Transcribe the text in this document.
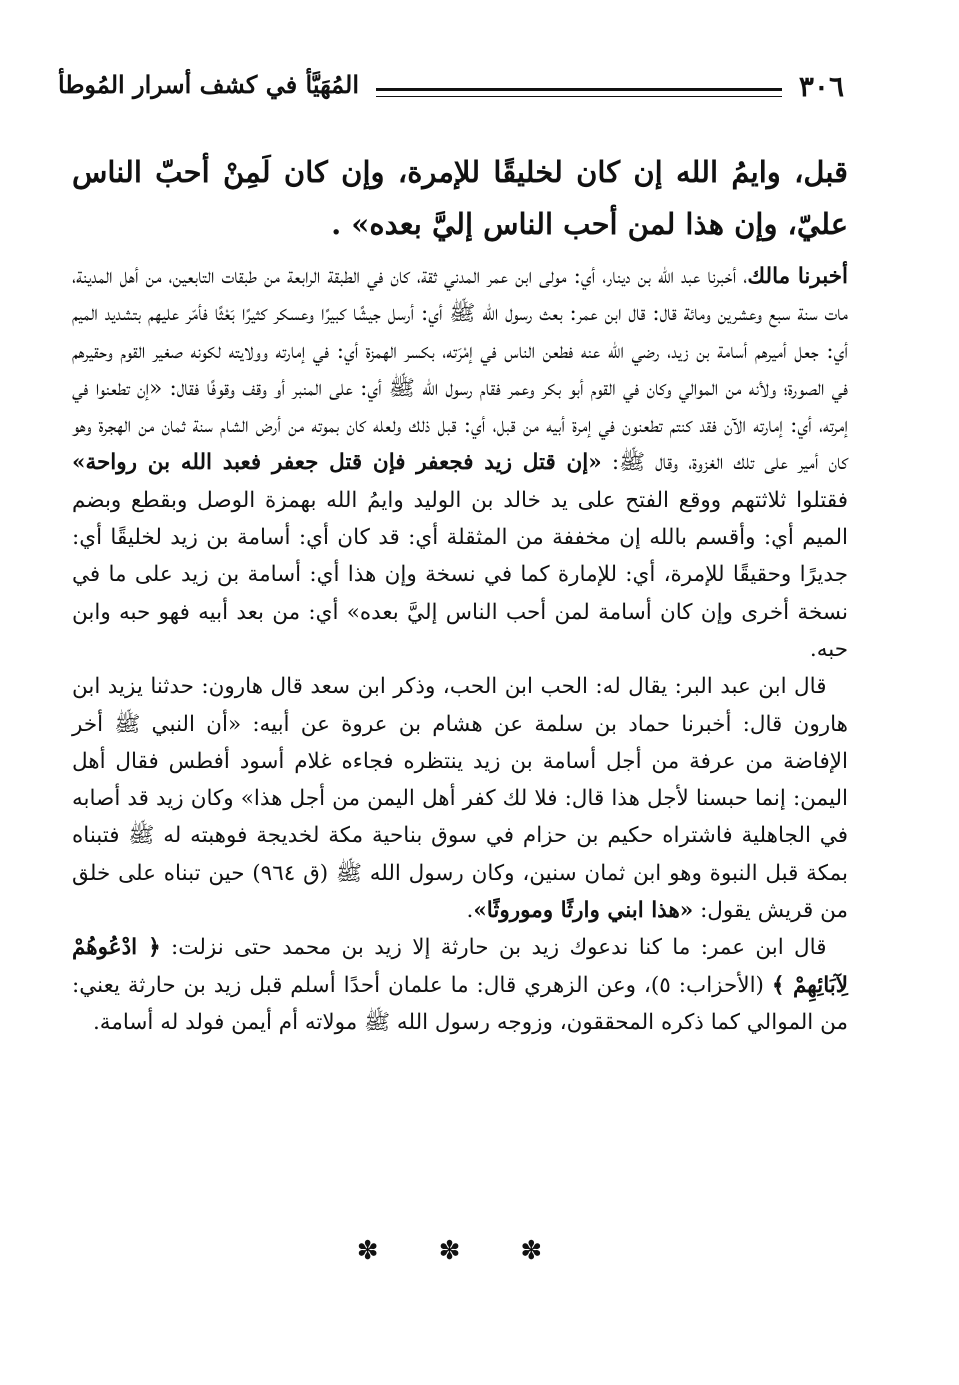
٣٠٦
المُهَيَّأ في كشف أسرار المُوطأ

قبل، وايمُ الله إن كان لخليقًا للإمرة، وإن كان لَمِنْ أحبّ الناس عليّ، وإن هذا لمن أحب الناس إليَّ بعده» .

أخبرنا مالك، أخبرنا عبد الله بن دينار، أي: مولى ابن عمر المدني ثقة، كان في الطبقة الرابعة من طبقات التابعين، من أهل المدينة، مات سنة سبع وعشرين ومائة قال: قال ابن عمر: بعث رسول الله ﷺ أي: أرسل جيشًا كبيرًا وعسكر كثيرًا بَعْثًا فأمّر عليهم بتشديد الميم أي: جعل أميرهم أسامة بن زيد، رضي الله عنه فطعن الناس في إمْرَته، بكسر الهمزة أي: في إمارته وولايته لكونه صغير القوم وحقيرهم في الصورة؛ ولأنه من الموالي وكان في القوم أبو بكر وعمر فقام رسول الله ﷺ أي: على المنبر أو وقف وقوفًا فقال: «إن تطعنوا في إمرته، أي: إمارته الآن فقد كنتم تطعنون في إمرة أبيه من قبل، أي: قبل ذلك ولعله كان بموته من أرض الشام سنة ثمان من الهجرة وهو كان أمير على تلك الغزوة، وقال ﷺ: «إن قتل زيد فجعفر فإن قتل جعفر فعبد الله بن رواحة» فقتلوا ثلاثتهم ووقع الفتح على يد خالد بن الوليد وايمُ الله بهمزة الوصل وبقطع وبضم الميم أي: وأقسم بالله إن مخففة من المثقلة أي: قد كان أي: أسامة بن زيد لخليقًا أي: جديرًا وحقيقًا للإمرة، أي: للإمارة كما في نسخة وإن هذا أي: أسامة بن زيد على ما في نسخة أخرى وإن كان أسامة لمن أحب الناس إليَّ بعده» أي: من بعد أبيه فهو حبه وابن حبه.

 قال ابن عبد البر: يقال له: الحب ابن الحب، وذكر ابن سعد قال هارون: حدثنا يزيد ابن هارون قال: أخبرنا حماد بن سلمة عن هشام بن عروة عن أبيه: «أن النبي ﷺ أخر الإفاضة من عرفة من أجل أسامة بن زيد ينتظره فجاءه غلام أسود أفطس فقال أهل اليمن: إنما حبسنا لأجل هذا قال: فلا لك كفر أهل اليمن من أجل هذا» وكان زيد قد أصابه في الجاهلية فاشتراه حكيم بن حزام في سوق بناحية مكة لخديجة فوهبته له ﷺ فتبناه بمكة قبل النبوة وهو ابن ثمان سنين، وكان رسول الله ﷺ (ق ٩٦٤) حين تبناه على خلق من قريش يقول: «هذا ابني وارثًا وموروثًا».

 قال ابن عمر: ما كنا ندعوك زيد بن حارثة إلا زيد بن محمد حتى نزلت: ﴿ ادْعُوهُمْ لِآبَائِهِمْ ﴾ (الأحزاب: ٥)، وعن الزهري قال: ما علمان أحدًا أسلم قبل زيد بن حارثة يعني: من الموالي كما ذكره المحققون، وزوجه رسول الله ﷺ مولاته أم أيمن فولد له أسامة.

✽✽✽
